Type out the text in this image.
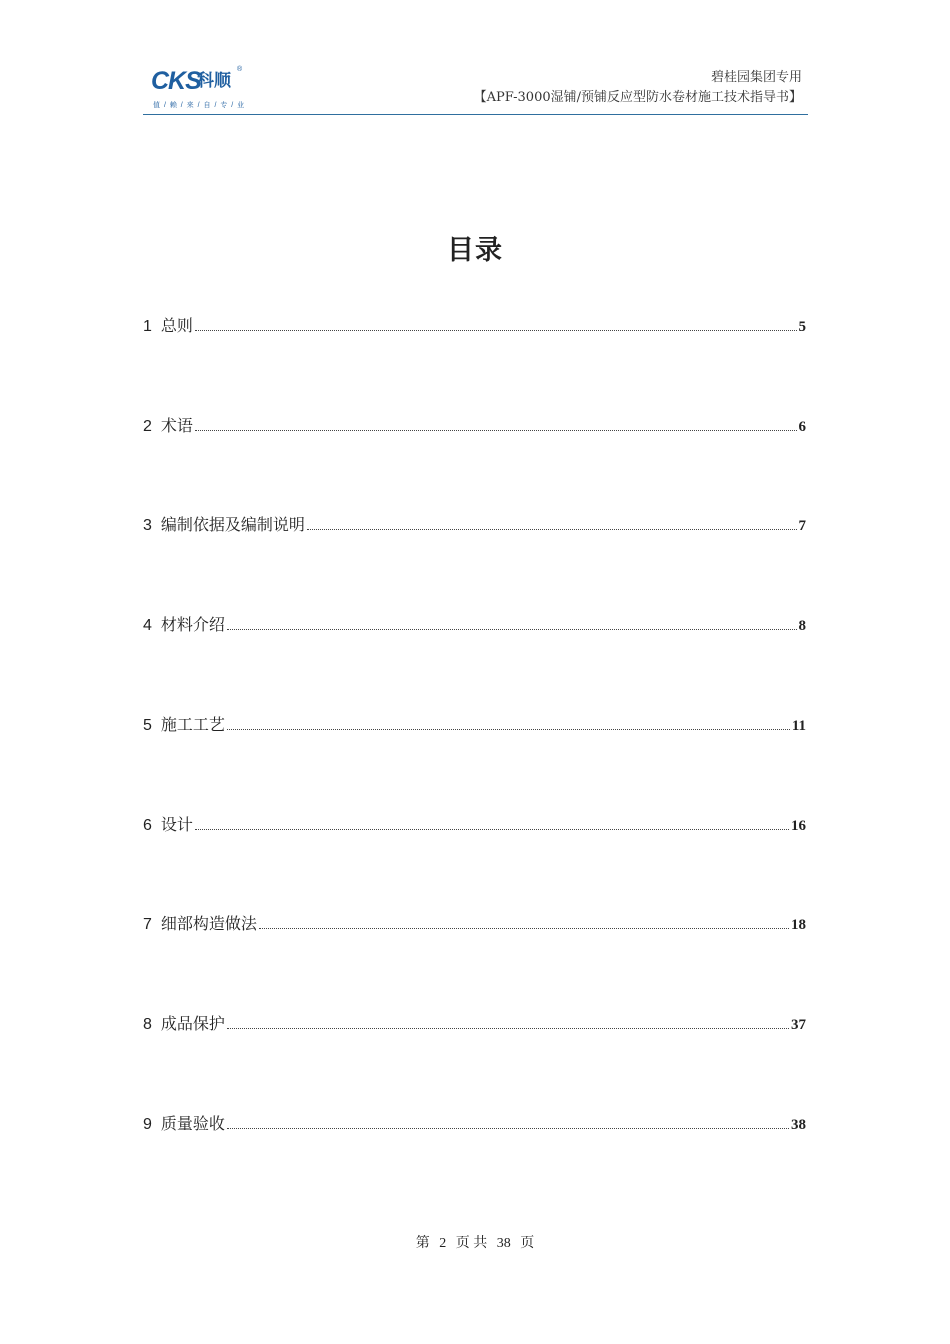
CKS
科顺
®
值 / 赖 / 来 / 自 / 专 / 业
碧桂园集团专用
【APF-3000湿铺/预铺反应型防水卷材施工技术指导书】
目录
1 总则	5
2 术语	6
3 编制依据及编制说明	7
4 材料介绍	8
5 施工工艺	11
6 设计	16
7 细部构造做法	18
8 成品保护	37
9 质量验收	38
第 2 页 共 38 页
